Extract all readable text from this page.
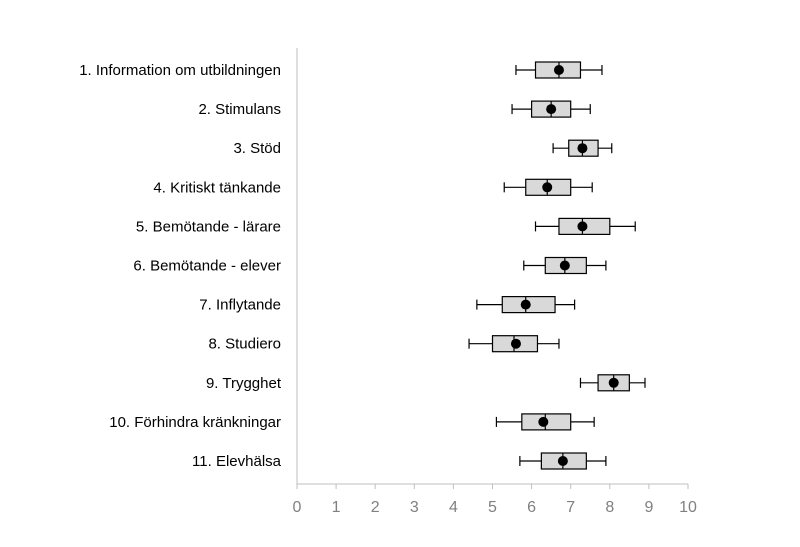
1. Information om utbildningen
2. Stimulans
3. Stöd
4. Kritiskt tänkande
5. Bemötande - lärare
6. Bemötande - elever
7. Inflytande
8. Studiero
9. Trygghet
10. Förhindra kränkningar
11. Elevhälsa
0 1 2 3 4 5 6 7 8 9 10
